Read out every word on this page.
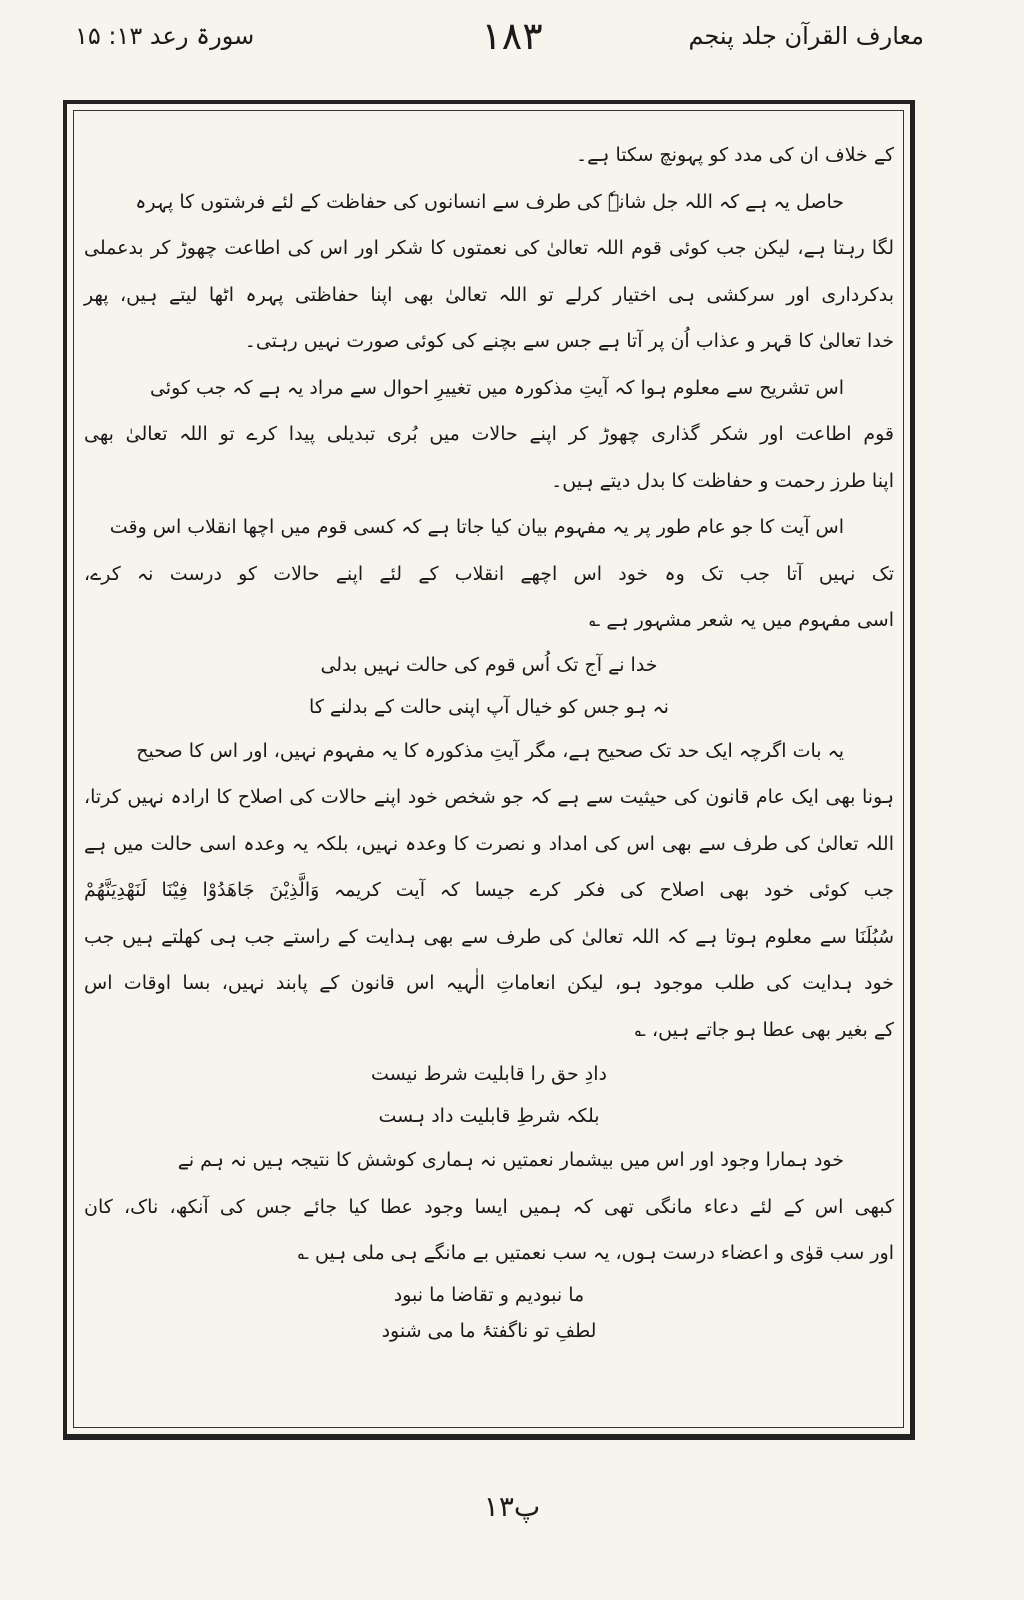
معارف القرآن جلد پنجم
۱۸۳
سورۃ رعد ۱۳: ۱۵
کے خلاف ان کی مدد کو پہونچ سکتا ہے۔
حاصل یہ ہے کہ اللہ جل شانہٗ کی طرف سے انسانوں کی حفاظت کے لئے فرشتوں کا پہرہ
لگا رہتا ہے، لیکن جب کوئی قوم اللہ تعالیٰ کی نعمتوں کا شکر اور اس کی اطاعت چھوڑ کر بدعملی
بدکرداری اور سرکشی ہی اختیار کرلے تو اللہ تعالیٰ بھی اپنا حفاظتی پہرہ اٹھا لیتے ہیں، پھر
خدا تعالیٰ کا قہر و عذاب اُن پر آتا ہے جس سے بچنے کی کوئی صورت نہیں رہتی۔
اس تشریح سے معلوم ہوا کہ آیتِ مذکورہ میں تغییرِ احوال سے مراد یہ ہے کہ جب کوئی
قوم اطاعت اور شکر گذاری چھوڑ کر اپنے حالات میں بُری تبدیلی پیدا کرے تو اللہ تعالیٰ بھی
اپنا طرز رحمت و حفاظت کا بدل دیتے ہیں۔
اس آیت کا جو عام طور پر یہ مفہوم بیان کیا جاتا ہے کہ کسی قوم میں اچھا انقلاب اس وقت
تک نہیں آتا جب تک وہ خود اس اچھے انقلاب کے لئے اپنے حالات کو درست نہ کرے،
اسی مفہوم میں یہ شعر مشہور ہے ؎
خدا نے آج تک اُس قوم کی حالت نہیں بدلی
نہ ہو جس کو خیال آپ اپنی حالت کے بدلنے کا
یہ بات اگرچہ ایک حد تک صحیح ہے، مگر آیتِ مذکورہ کا یہ مفہوم نہیں، اور اس کا صحیح
ہونا بھی ایک عام قانون کی حیثیت سے ہے کہ جو شخص خود اپنے حالات کی اصلاح کا ارادہ نہیں کرتا،
اللہ تعالیٰ کی طرف سے بھی اس کی امداد و نصرت کا وعدہ نہیں، بلکہ یہ وعدہ اسی حالت میں ہے
جب کوئی خود بھی اصلاح کی فکر کرے جیسا کہ آیت کریمہ وَالَّذِيْنَ جَاهَدُوْا فِيْنَا لَنَهْدِيَنَّهُمْ
سُبُلَنَا سے معلوم ہوتا ہے کہ اللہ تعالیٰ کی طرف سے بھی ہدایت کے راستے جب ہی کھلتے ہیں جب
خود ہدایت کی طلب موجود ہو، لیکن انعاماتِ الٰہیہ اس قانون کے پابند نہیں، بسا اوقات اس
کے بغیر بھی عطا ہو جاتے ہیں، ؎
دادِ حق را قابلیت شرط نیست
بلکہ شرطِ قابلیت داد ہست
خود ہمارا وجود اور اس میں بیشمار نعمتیں نہ ہماری کوشش کا نتیجہ ہیں نہ ہم نے
کبھی اس کے لئے دعاء مانگی تھی کہ ہمیں ایسا وجود عطا کیا جائے جس کی آنکھ، ناک، کان
اور سب قوٰی و اعضاء درست ہوں، یہ سب نعمتیں بے مانگے ہی ملی ہیں ؎
ما نبودیم و تقاضا ما نبود
لطفِ تو ناگفتۂ ما می شنود
پ۱۳
